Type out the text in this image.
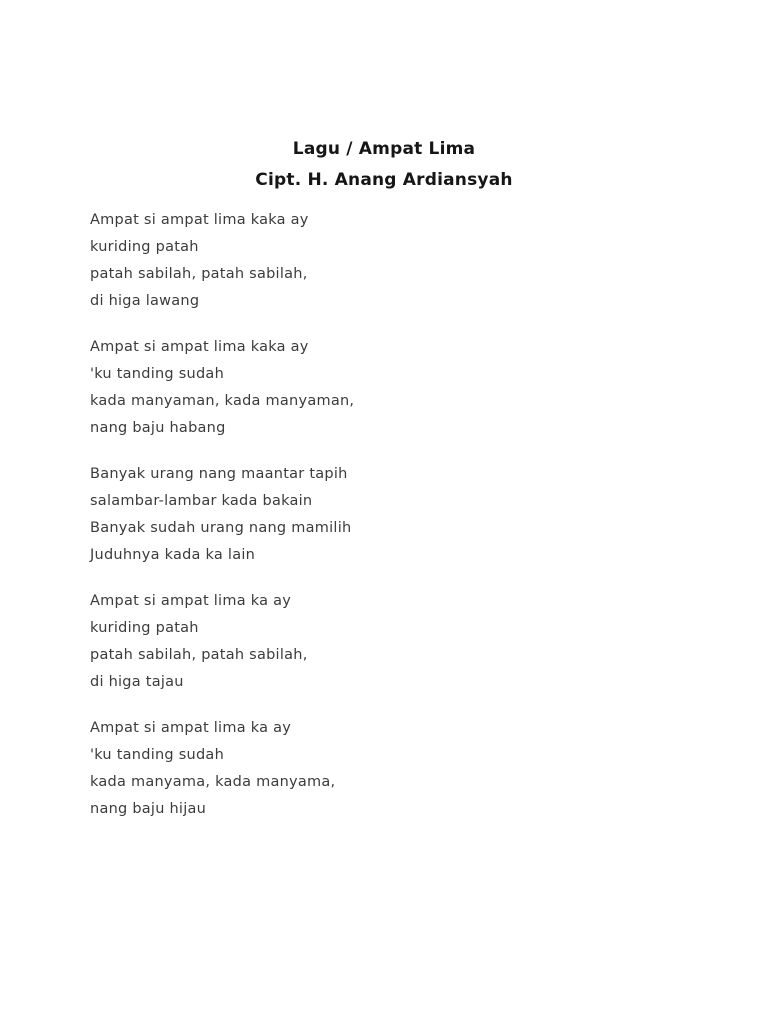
Lagu / Ampat Lima
Cipt. H. Anang Ardiansyah
Ampat si ampat lima kaka ay
kuriding patah
patah sabilah, patah sabilah,
di higa lawang
Ampat si ampat lima kaka ay
'ku tanding sudah
kada manyaman, kada manyaman,
nang baju habang
Banyak urang nang maantar tapih
salambar-lambar kada bakain
Banyak sudah urang nang mamilih
Juduhnya kada ka lain
Ampat si ampat lima ka ay
kuriding patah
patah sabilah, patah sabilah,
di higa tajau
Ampat si ampat lima ka ay
'ku tanding sudah
kada manyama, kada manyama,
nang baju hijau
